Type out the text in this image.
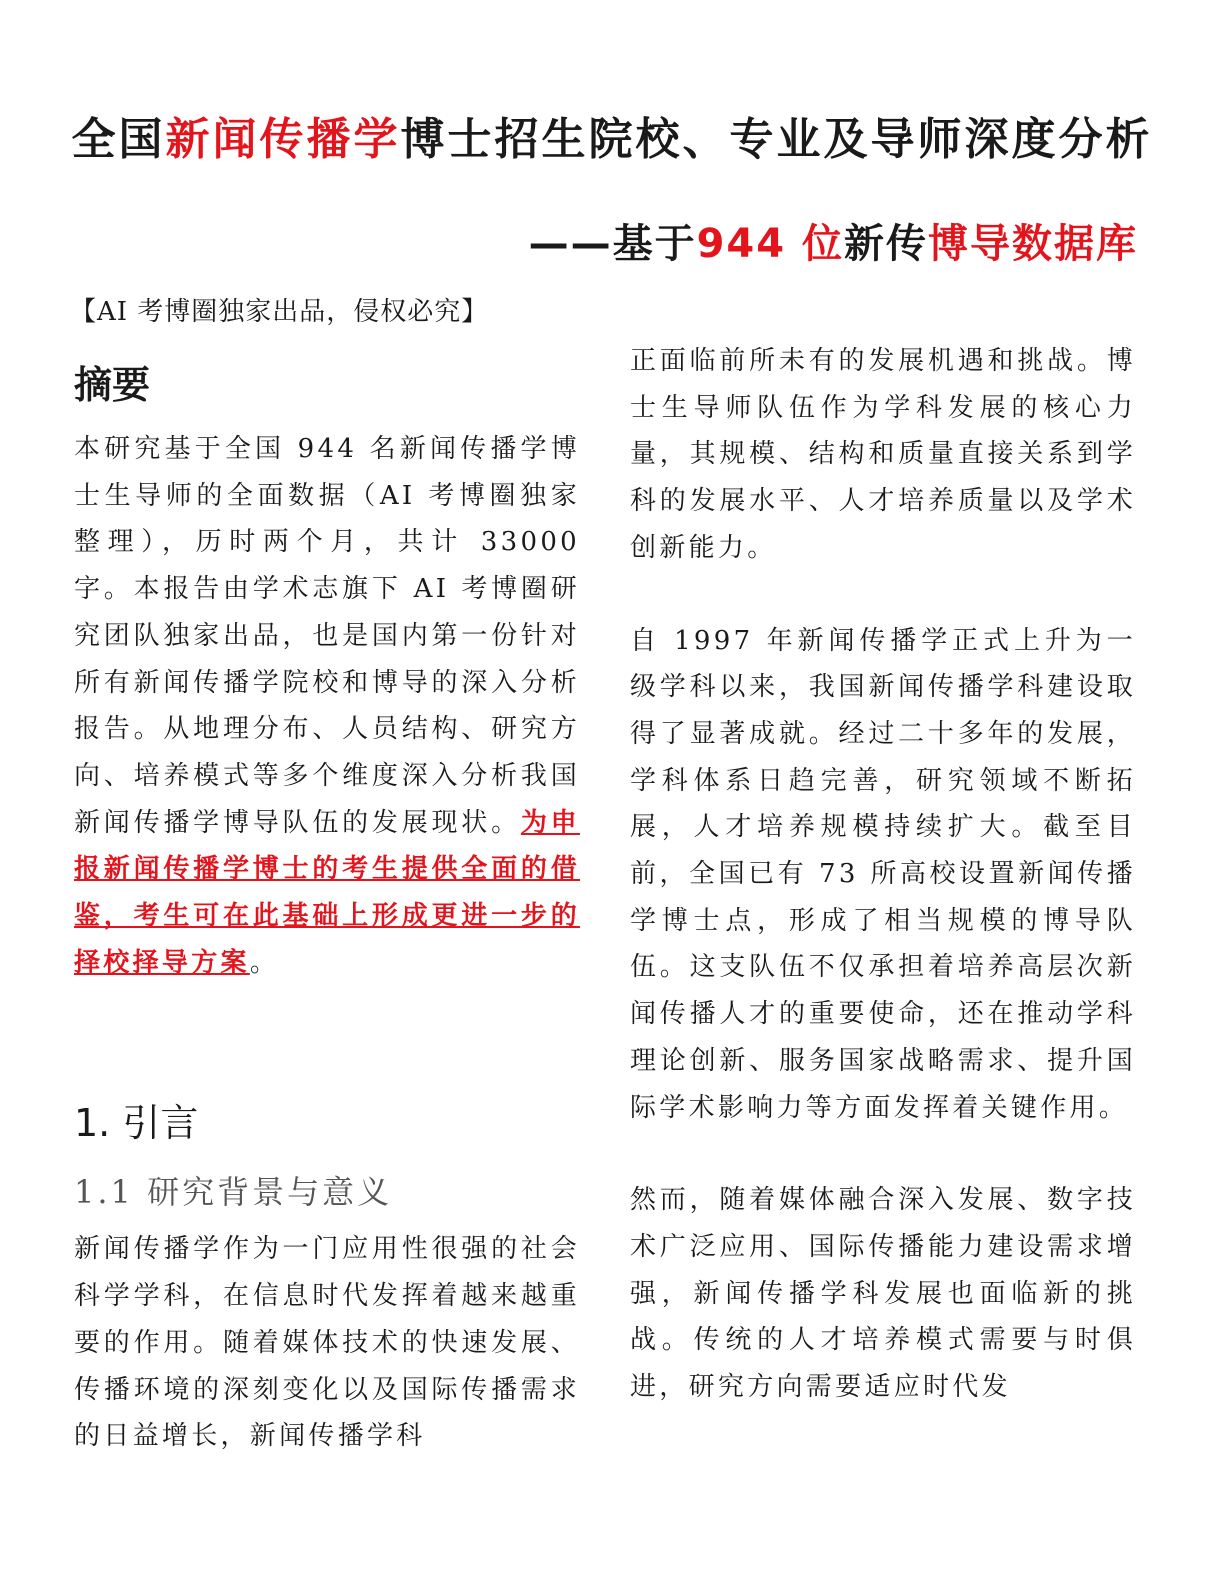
全国新闻传播学博士招生院校、专业及导师深度分析
——基于944 位新传博导数据库
【AI 考博圈独家出品，侵权必究】
摘要

本研究基于全国 944 名新闻传播学博士生导师的全面数据（AI 考博圈独家整理），历时两个月，共计 33000 字。本报告由学术志旗下 AI 考博圈研究团队独家出品，也是国内第一份针对所有新闻传播学院校和博导的深入分析报告。从地理分布、人员结构、研究方向、培养模式等多个维度深入分析我国新闻传播学博导队伍的发展现状。为申报新闻传播学博士的考生提供全面的借鉴，考生可在此基础上形成更进一步的择校择导方案。

1. 引言
1.1 研究背景与意义

新闻传播学作为一门应用性很强的社会科学学科，在信息时代发挥着越来越重要的作用。随着媒体技术的快速发展、传播环境的深刻变化以及国际传播需求的日益增长，新闻传播学科

正面临前所未有的发展机遇和挑战。博士生导师队伍作为学科发展的核心力量，其规模、结构和质量直接关系到学科的发展水平、人才培养质量以及学术创新能力。

自 1997 年新闻传播学正式上升为一级学科以来，我国新闻传播学科建设取得了显著成就。经过二十多年的发展，学科体系日趋完善，研究领域不断拓展，人才培养规模持续扩大。截至目前，全国已有 73 所高校设置新闻传播学博士点，形成了相当规模的博导队伍。这支队伍不仅承担着培养高层次新闻传播人才的重要使命，还在推动学科理论创新、服务国家战略需求、提升国际学术影响力等方面发挥着关键作用。

然而，随着媒体融合深入发展、数字技术广泛应用、国际传播能力建设需求增强，新闻传播学科发展也面临新的挑战。传统的人才培养模式需要与时俱进，研究方向需要适应时代发
